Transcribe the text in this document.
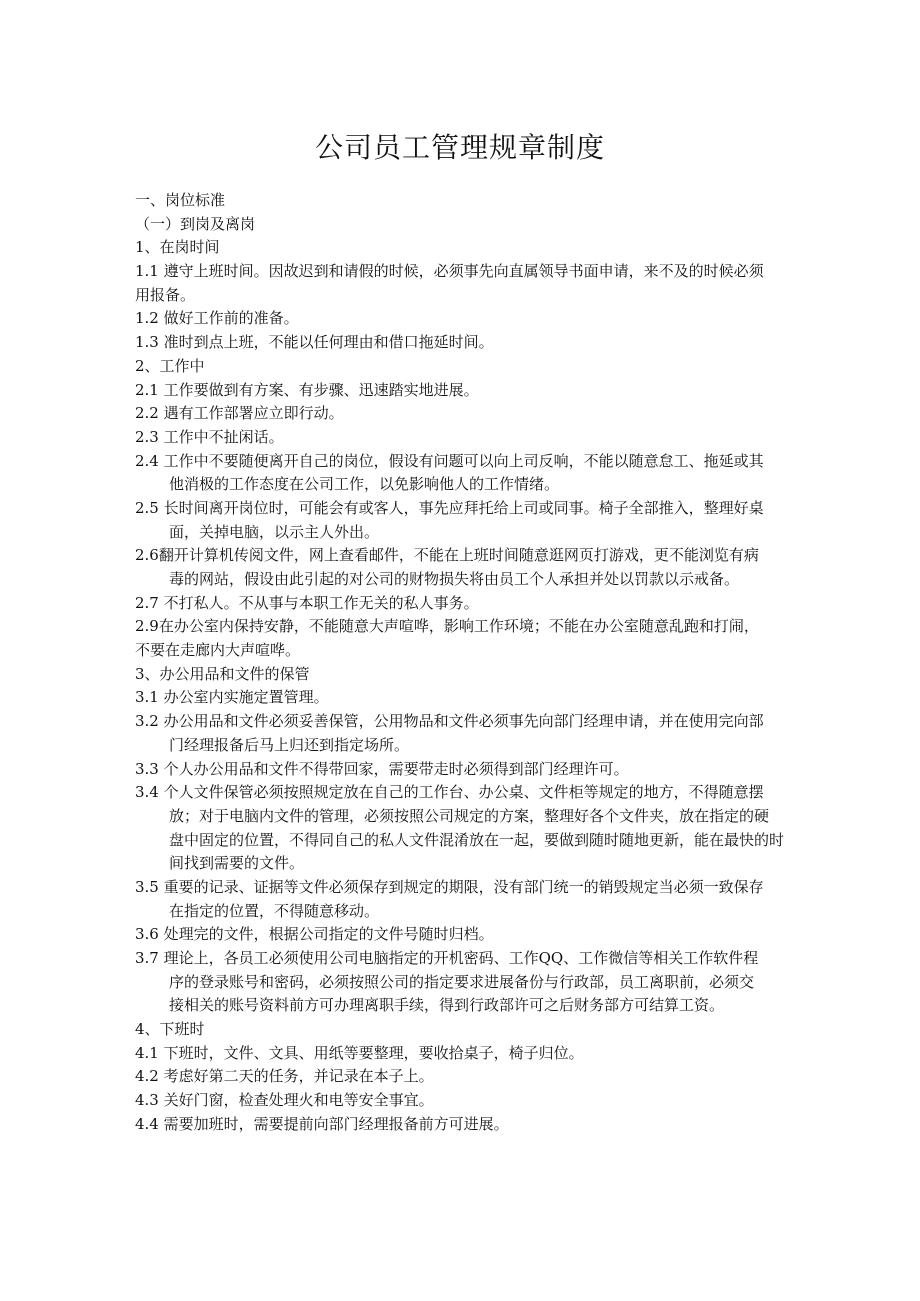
公司员工管理规章制度
一、岗位标准
（一）到岗及离岗
1、在岗时间
1.1 遵守上班时间。因故迟到和请假的时候，必须事先向直属领导书面申请，来不及的时候必须
用报备。
1.2 做好工作前的准备。
1.3 准时到点上班，不能以任何理由和借口拖延时间。
2、工作中
2.1 工作要做到有方案、有步骤、迅速踏实地进展。
2.2 遇有工作部署应立即行动。
2.3 工作中不扯闲话。
2.4 工作中不要随便离开自己的岗位，假设有问题可以向上司反响，不能以随意怠工、拖延或其
他消极的工作态度在公司工作，以免影响他人的工作情绪。
2.5 长时间离开岗位时，可能会有或客人，事先应拜托给上司或同事。椅子全部推入，整理好桌
面，关掉电脑，以示主人外出。
2.6翻开计算机传阅文件，网上查看邮件，不能在上班时间随意逛网页打游戏，更不能浏览有病
毒的网站，假设由此引起的对公司的财物损失将由员工个人承担并处以罚款以示戒备。
2.7 不打私人。不从事与本职工作无关的私人事务。
2.9在办公室内保持安静，不能随意大声喧哗，影响工作环境；不能在办公室随意乱跑和打闹，
不要在走廊内大声喧哗。
3、办公用品和文件的保管
3.1 办公室内实施定置管理。
3.2 办公用品和文件必须妥善保管，公用物品和文件必须事先向部门经理申请，并在使用完向部
门经理报备后马上归还到指定场所。
3.3 个人办公用品和文件不得带回家，需要带走时必须得到部门经理许可。
3.4 个人文件保管必须按照规定放在自己的工作台、办公桌、文件柜等规定的地方，不得随意摆
放；对于电脑内文件的管理，必须按照公司规定的方案，整理好各个文件夹，放在指定的硬
盘中固定的位置，不得同自己的私人文件混淆放在一起，要做到随时随地更新，能在最快的时
间找到需要的文件。
3.5 重要的记录、证据等文件必须保存到规定的期限，没有部门统一的销毁规定当必须一致保存
在指定的位置，不得随意移动。
3.6 处理完的文件，根据公司指定的文件号随时归档。
3.7 理论上，各员工必须使用公司电脑指定的开机密码、工作QQ、工作微信等相关工作软件程
序的登录账号和密码，必须按照公司的指定要求进展备份与行政部，员工离职前，必须交
接相关的账号资料前方可办理离职手续，得到行政部许可之后财务部方可结算工资。
4、下班时
4.1 下班时，文件、文具、用纸等要整理，要收拾桌子，椅子归位。
4.2 考虑好第二天的任务，并记录在本子上。
4.3 关好门窗，检查处理火和电等安全事宜。
4.4 需要加班时，需要提前向部门经理报备前方可进展。
